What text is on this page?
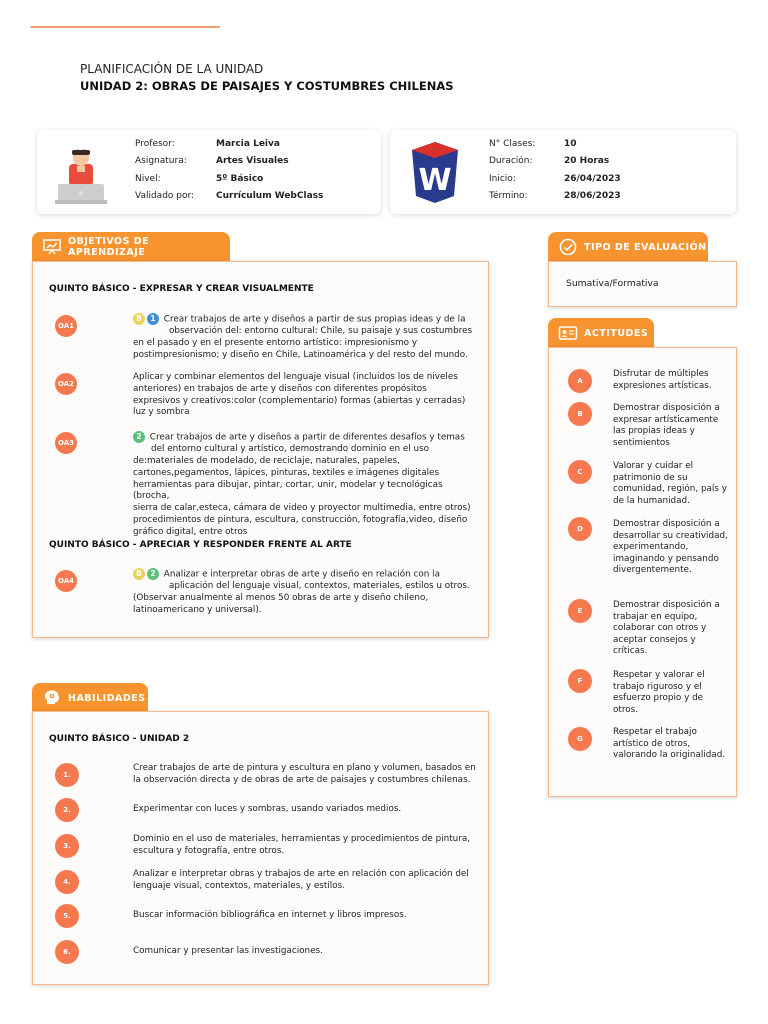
PLANIFICACIÓN DE LA UNIDAD
UNIDAD 2: OBRAS DE PAISAJES Y COSTUMBRES CHILENAS
Profesor:	Marcia Leiva
Asignatura:	Artes Visuales
Nivel:	5º Básico
Validado por: Currículum WebClass	W
N° Clases:	10
Duración:	20 Horas
Inicio:	26/04/2023
Término:	28/06/2023
OBJETIVOS DE APRENDIZAJE
QUINTO BÁSICO - EXPRESAR Y CREAR VISUALMENTE
OA1
B 1 Crear trabajos de arte y diseños a partir de sus propias ideas y de la
observación del: entorno cultural: Chile, su paisaje y sus costumbres
en el pasado y en el presente entorno artístico: impresionismo y
postimpresionismo; y diseño en Chile, Latinoamérica y del resto del mundo.
OA2
Aplicar y combinar elementos del lenguaje visual (incluidos los de niveles
anteriores) en trabajos de arte y diseños con diferentes propósitos
expresivos y creativos:color (complementario) formas (abiertas y cerradas)
luz y sombra
OA3
2 Crear trabajos de arte y diseños a partir de diferentes desafíos y temas
del entorno cultural y artístico, demostrando dominio en el uso
de:materiales de modelado, de reciclaje, naturales, papeles,
cartones,pegamentos, lápices, pinturas, textiles e imágenes digitales
herramientas para dibujar, pintar, cortar, unir, modelar y tecnológicas (brocha,
sierra de calar,esteca, cámara de video y proyector multimedia, entre otros)
procedimientos de pintura, escultura, construcción, fotografía,video, diseño
gráfico digital, entre otros
QUINTO BÁSICO - APRECIAR Y RESPONDER FRENTE AL ARTE
OA4
B 2 Analizar e interpretar obras de arte y diseño en relación con la
aplicación del lenguaje visual, contextos, materiales, estilos u otros.
(Observar anualmente al menos 50 obras de arte y diseño chileno,
latinoamericano y universal).
TIPO DE EVALUACIÓN
Sumativa/Formativa
ACTITUDES
A
Disfrutar de múltiples expresiones artísticas.
B
Demostrar disposición a expresar artísticamente las propias ideas y sentimientos
C
Valorar y cuidar el patrimonio de su comunidad, región, país y de la humanidad.
D	Demostrar disposición a desarrollar su creatividad, experimentando, imaginando y pensando divergentemente.
E
Demostrar disposición a trabajar en equipo, colaborar con otros y aceptar consejos y críticas.
F
Respetar y valorar el trabajo riguroso y el esfuerzo propio y de otros.
G
Respetar el trabajo artístico de otros, valorando la originalidad.
HABILIDADES
QUINTO BÁSICO - UNIDAD 2
1.
Crear trabajos de arte de pintura y escultura en plano y volumen, basados en la observación directa y de obras de arte de paisajes y costumbres chilenas.
2.	Experimentar con luces y sombras, usando variados medios.
3.
Dominio en el uso de materiales, herramientas y procedimientos de pintura, escultura y fotografía, entre otros.
4.
Analizar e interpretar obras y trabajos de arte en relación con aplicación del lenguaje visual, contextos, materiales, y estilos.
5.	Buscar información bibliográfica en internet y libros impresos.
6.	Comunicar y presentar las investigaciones.
